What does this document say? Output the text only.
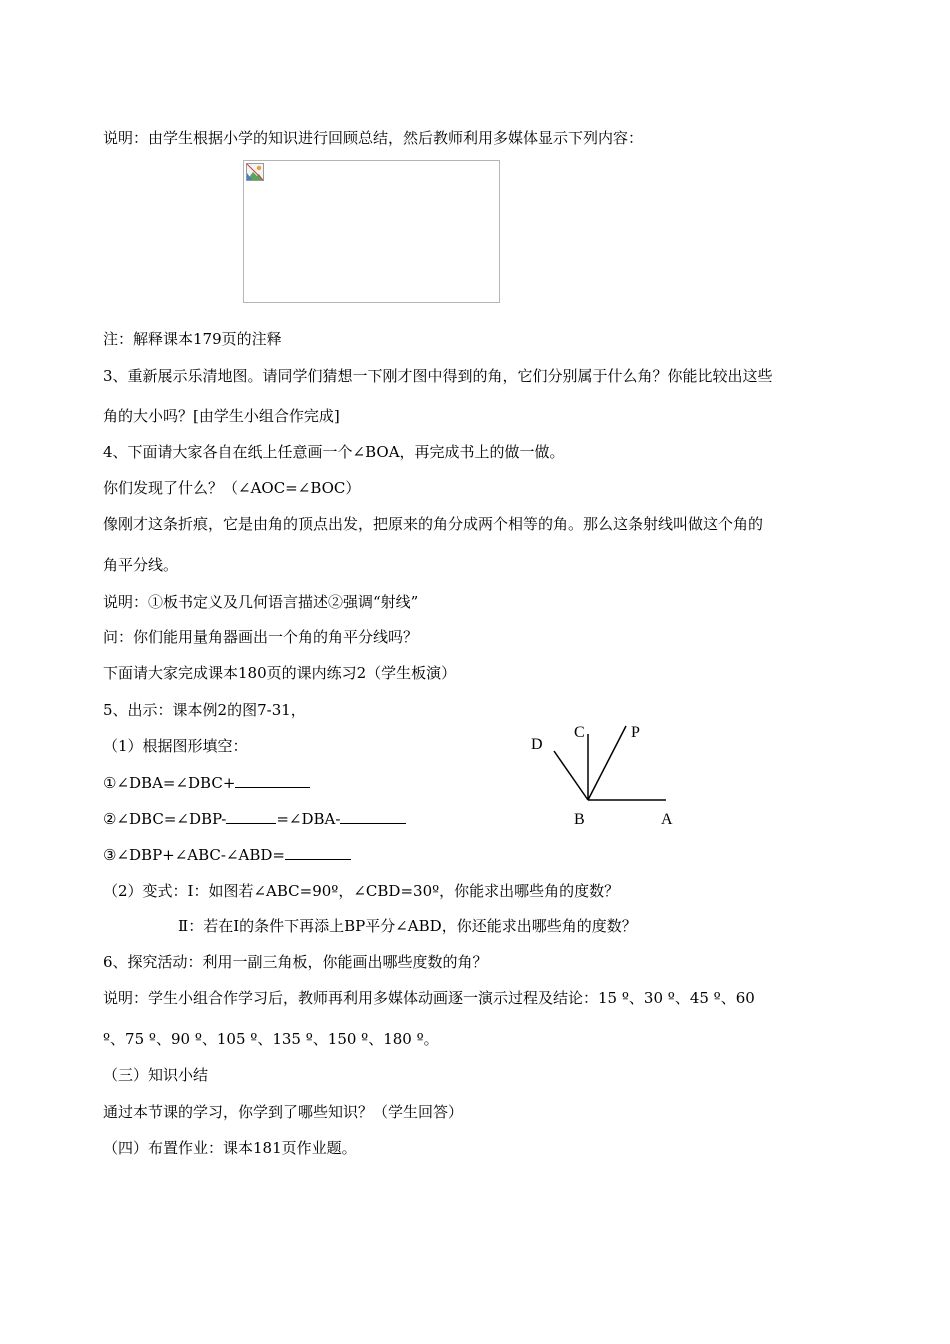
说明：由学生根据小学的知识进行回顾总结，然后教师利用多媒体显示下列内容：
注：解释课本179页的注释
3、重新展示乐清地图。请同学们猜想一下刚才图中得到的角，它们分别属于什么角？你能比较出这些
角的大小吗？[由学生小组合作完成]
4、下面请大家各自在纸上任意画一个∠BOA，再完成书上的做一做。
你们发现了什么？（∠AOC=∠BOC）
像刚才这条折痕，它是由角的顶点出发，把原来的角分成两个相等的角。那么这条射线叫做这个角的
角平分线。
说明：①板书定义及几何语言描述②强调“射线”
问：你们能用量角器画出一个角的角平分线吗？
下面请大家完成课本180页的课内练习2（学生板演）
5、出示：课本例2的图7-31，
（1）根据图形填空：
①∠DBA=∠DBC+
②∠DBC=∠DBP-	=∠DBA-
③∠DBP+∠ABC-∠ABD=
C	P
D
B	A
（2）变式：Ⅰ：如图若∠ABC=90º，∠CBD=30º，你能求出哪些角的度数？
Ⅱ：若在Ⅰ的条件下再添上BP平分∠ABD，你还能求出哪些角的度数？
6、探究活动：利用一副三角板，你能画出哪些度数的角？
说明：学生小组合作学习后，教师再利用多媒体动画逐一演示过程及结论：15 º、30 º、45 º、60
º、75 º、90 º、105 º、135 º、150 º、180 º。
（三）知识小结
通过本节课的学习，你学到了哪些知识？（学生回答）
（四）布置作业：课本181页作业题。
